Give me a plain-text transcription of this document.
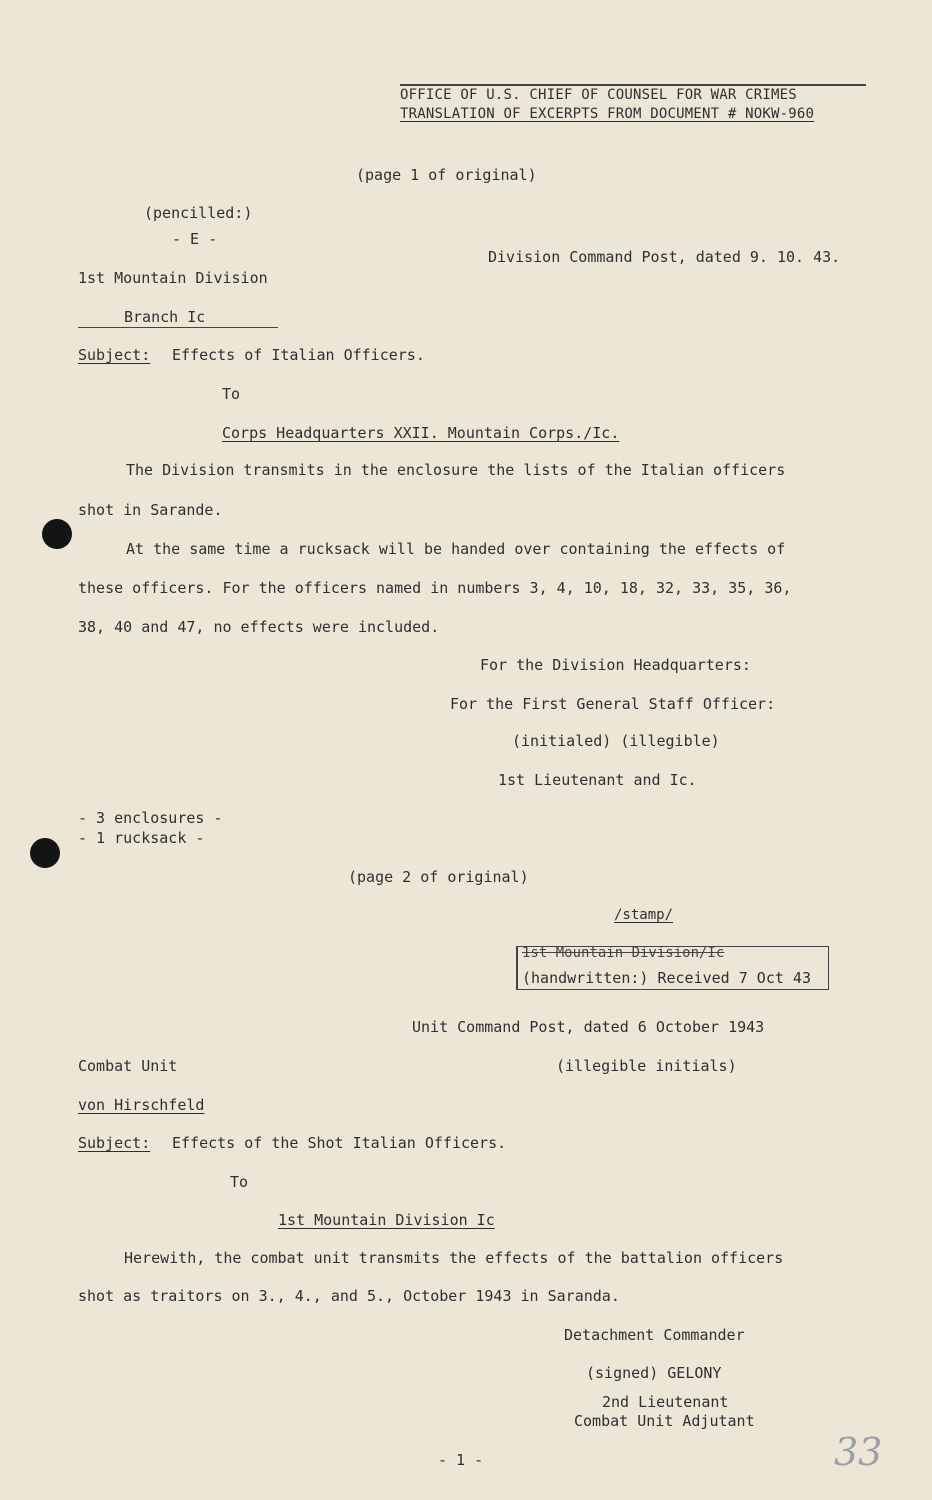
OFFICE OF U.S. CHIEF OF COUNSEL FOR WAR CRIMES
TRANSLATION OF EXCERPTS FROM DOCUMENT # NOKW-960
(page 1 of original)
(pencilled:)
- E -
Division Command Post, dated 9. 10. 43.
1st Mountain Division
Branch Ic
Subject: Effects of Italian Officers.
To
Corps Headquarters XXII. Mountain Corps./Ic.
The Division transmits in the enclosure the lists of the Italian officers
shot in Sarande.
At the same time a rucksack will be handed over containing the effects of
these officers. For the officers named in numbers 3, 4, 10, 18, 32, 33, 35, 36,
38, 40 and 47, no effects were included.
For the Division Headquarters:
For the First General Staff Officer:
(initialed) (illegible)
1st Lieutenant and Ic.
- 3 enclosures -
- 1 rucksack -
(page 2 of original)
/stamp/
1st Mountain Division/Ic
(handwritten:) Received 7 Oct 43
Unit Command Post, dated 6 October 1943
Combat Unit	(illegible initials)
von Hirschfeld
Subject: Effects of the Shot Italian Officers.
To
1st Mountain Division Ic
Herewith, the combat unit transmits the effects of the battalion officers
shot as traitors on 3., 4., and 5., October 1943 in Saranda.
Detachment Commander
(signed) GELONY
2nd Lieutenant
Combat Unit Adjutant
- 1 -	33
